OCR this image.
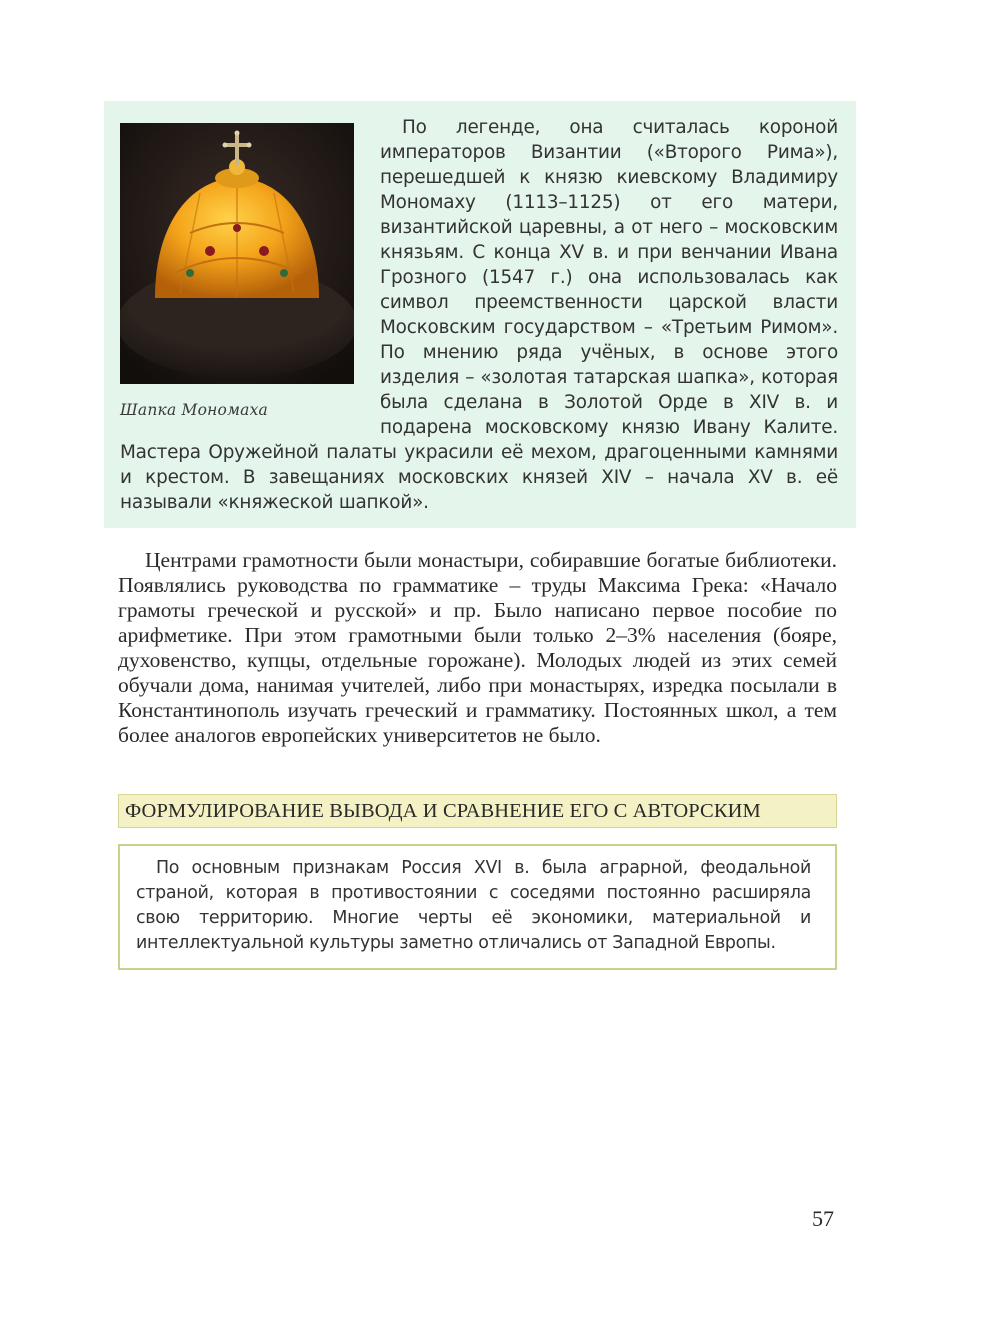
Шапка Мономаха

По легенде, она считалась короной императоров Византии («Второго Рима»), перешедшей к князю киевскому Владимиру Мономаху (1113–1125) от его матери, византийской царевны, а от него – московским князьям. С конца XV в. и при венчании Ивана Грозного (1547 г.) она использовалась как символ преемственности царской власти Московским государством – «Третьим Римом». По мнению ряда учёных, в основе этого изделия – «золотая татарская шапка», которая была сделана в Золотой Орде в XIV в. и подарена московскому князю Ивану Калите. Мастера Оружейной палаты украсили её мехом, драгоценными камнями и крестом. В завещаниях московских князей XIV – начала XV в. её называли «княжеской шапкой».

Центрами грамотности были монастыри, собиравшие богатые библиотеки. Появлялись руководства по грамматике – труды Максима Грека: «Начало грамоты греческой и русской» и пр. Было написано первое пособие по арифметике. При этом грамотными были только 2–3% населения (бояре, духовенство, купцы, отдельные горожане). Молодых людей из этих семей обучали дома, нанимая учителей, либо при монастырях, изредка посылали в Константинополь изучать греческий и грамматику. Постоянных школ, а тем более аналогов европейских университетов не было.

ФОРМУЛИРОВАНИЕ ВЫВОДА И СРАВНЕНИЕ ЕГО С АВТОРСКИМ

По основным признакам Россия XVI в. была аграрной, феодальной страной, которая в противостоянии с соседями постоянно расширяла свою территорию. Многие черты её экономики, материальной и интеллектуальной культуры заметно отличались от Западной Европы.

57
